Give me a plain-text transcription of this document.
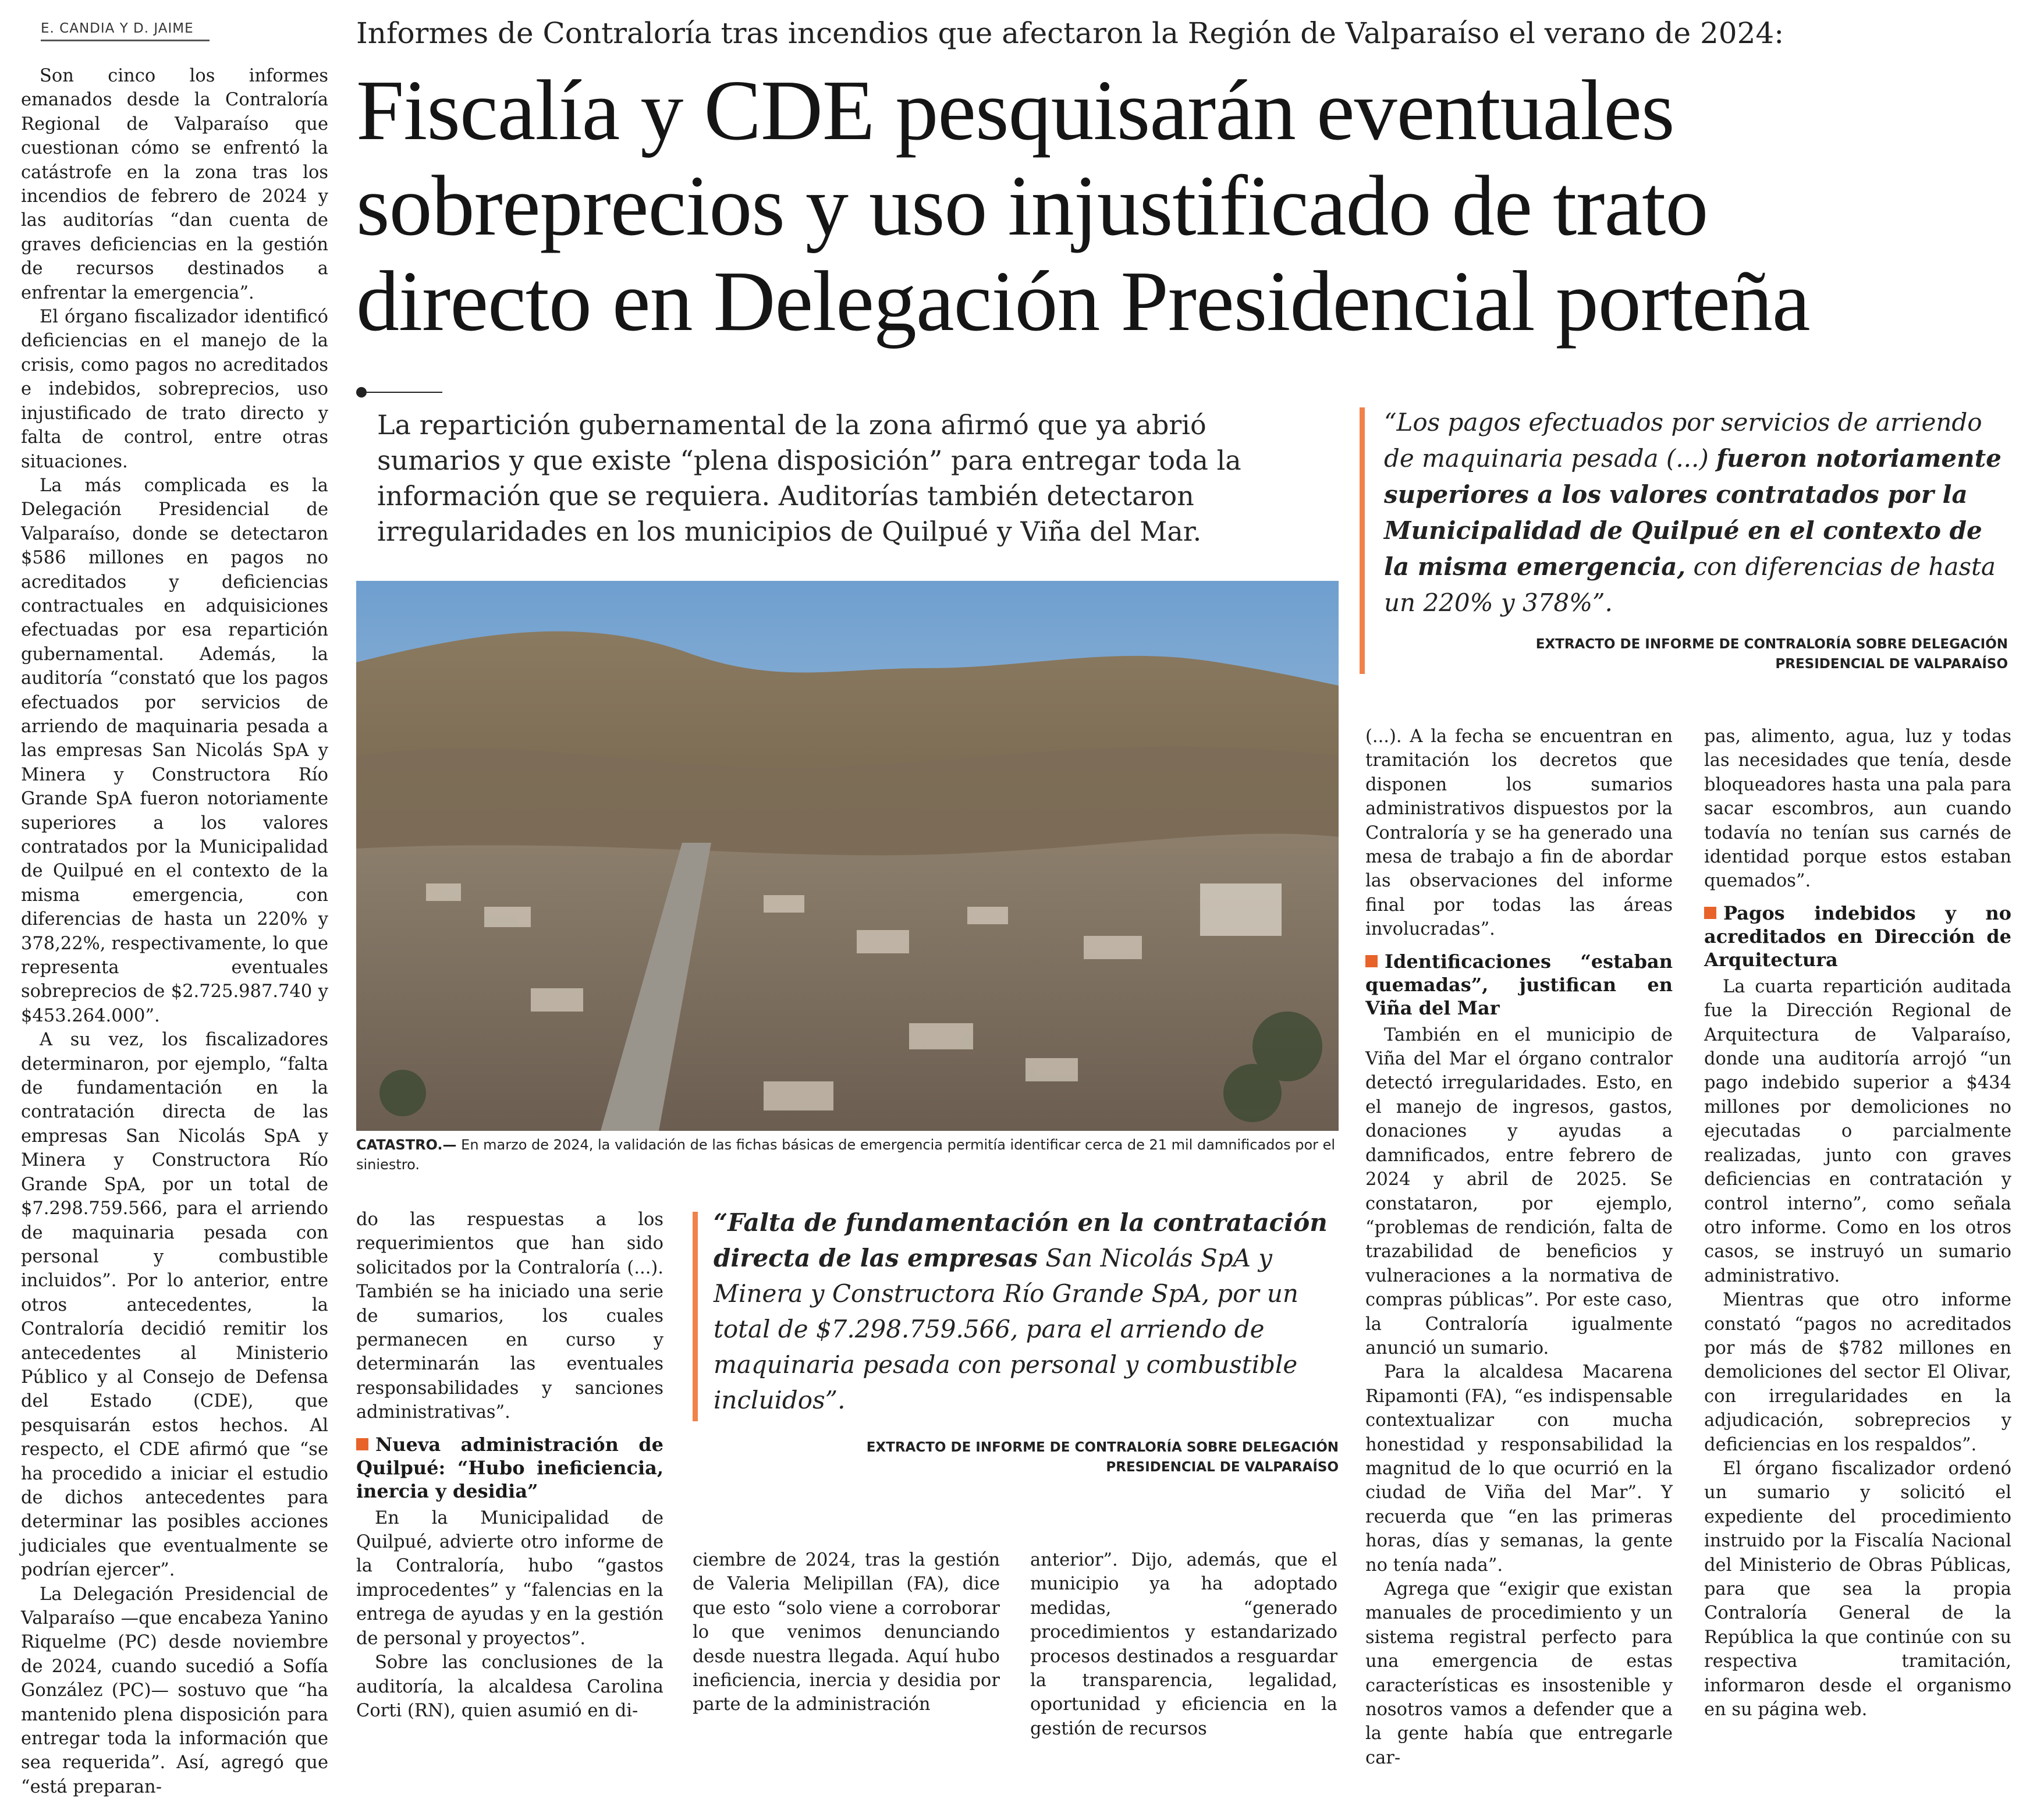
E. CANDIA Y D. JAIME	Informes de Contraloría tras incendios que afectaron la Región de Valparaíso el verano de 2024:
Fiscalía y CDE pesquisarán eventuales
sobreprecios y uso injustificado de trato
directo en Delegación Presidencial porteña
La repartición gubernamental de la zona afirmó que ya abrió sumarios y que existe “plena disposición” para entregar toda la información que se requiera. Auditorías también detectaron irregularidades en los municipios de Quilpué y Viña del Mar.
CATASTRO.— En marzo de 2024, la validación de las fichas básicas de emergencia permitía identificar cerca de 21 mil damnificados por el siniestro.
“Los pagos efectuados por servicios de arriendo de maquinaria pesada (...) fueron notoriamente superiores a los valores contratados por la Municipalidad de Quilpué en el contexto de la misma emergencia, con diferencias de hasta un 220% y 378%”.
EXTRACTO DE INFORME DE CONTRALORÍA SOBRE DELEGACIÓN PRESIDENCIAL DE VALPARAÍSO
“Falta de fundamentación en la contratación directa de las empresas San Nicolás SpA y Minera y Constructora Río Grande SpA, por un total de $7.298.759.566, para el arriendo de maquinaria pesada con personal y combustible incluidos”.
EXTRACTO DE INFORME DE CONTRALORÍA SOBRE DELEGACIÓN PRESIDENCIAL DE VALPARAÍSO

Son cinco los informes emanados desde la Contraloría Regional de Valparaíso que cuestionan cómo se enfrentó la catástrofe en la zona tras los incendios de febrero de 2024 y las auditorías “dan cuenta de graves deficiencias en la gestión de recursos destinados a enfrentar la emergencia”.

El órgano fiscalizador identificó deficiencias en el manejo de la crisis, como pagos no acreditados e indebidos, sobreprecios, uso injustificado de trato directo y falta de control, entre otras situaciones.

La más complicada es la Delegación Presidencial de Valparaíso, donde se detectaron $586 millones en pagos no acreditados y deficiencias contractuales en adquisiciones efectuadas por esa repartición gubernamental. Además, la auditoría “constató que los pagos efectuados por servicios de arriendo de maquinaria pesada a las empresas San Nicolás SpA y Minera y Constructora Río Grande SpA fueron notoriamente superiores a los valores contratados por la Municipalidad de Quilpué en el contexto de la misma emergencia, con diferencias de hasta un 220% y 378,22%, respectivamente, lo que representa eventuales sobreprecios de $2.725.987.740 y $453.264.000”.

A su vez, los fiscalizadores determinaron, por ejemplo, “falta de fundamentación en la contratación directa de las empresas San Nicolás SpA y Minera y Constructora Río Grande SpA, por un total de $7.298.759.566, para el arriendo de maquinaria pesada con personal y combustible incluidos”. Por lo anterior, entre otros antecedentes, la Contraloría decidió remitir los antecedentes al Ministerio Público y al Consejo de Defensa del Estado (CDE), que pesquisarán estos hechos. Al respecto, el CDE afirmó que “se ha procedido a iniciar el estudio de dichos antecedentes para determinar las posibles acciones judiciales que eventualmente se podrían ejercer”.

La Delegación Presidencial de Valparaíso —que encabeza Yanino Riquelme (PC) desde noviembre de 2024, cuando sucedió a Sofía González (PC)— sostuvo que “ha mantenido plena disposición para entregar toda la información que sea requerida”. Así, agregó que “está preparan-

do las respuestas a los requerimientos que han sido solicitados por la Contraloría (...). También se ha iniciado una serie de sumarios, los cuales permanecen en curso y determinarán las eventuales responsabilidades y sanciones administrativas”.

Nueva administración de Quilpué: “Hubo ineficiencia, inercia y desidia”

En la Municipalidad de Quilpué, advierte otro informe de la Contraloría, hubo “gastos improcedentes” y “falencias en la entrega de ayudas y en la gestión de personal y proyectos”.

Sobre las conclusiones de la auditoría, la alcaldesa Carolina Corti (RN), quien asumió en di-

ciembre de 2024, tras la gestión de Valeria Melipillan (FA), dice que esto “solo viene a corroborar lo que venimos denunciando desde nuestra llegada. Aquí hubo ineficiencia, inercia y desidia por parte de la administración

anterior”. Dijo, además, que el municipio ya ha adoptado medidas, “generado procedimientos y estandarizado procesos destinados a resguardar la transparencia, legalidad, oportunidad y eficiencia en la gestión de recursos

(...). A la fecha se encuentran en tramitación los decretos que disponen los sumarios administrativos dispuestos por la Contraloría y se ha generado una mesa de trabajo a fin de abordar las observaciones del informe final por todas las áreas involucradas”.

Identificaciones “estaban quemadas”, justifican en Viña del Mar

También en el municipio de Viña del Mar el órgano contralor detectó irregularidades. Esto, en el manejo de ingresos, gastos, donaciones y ayudas a damnificados, entre febrero de 2024 y abril de 2025. Se constataron, por ejemplo, “problemas de rendición, falta de trazabilidad de beneficios y vulneraciones a la normativa de compras públicas”. Por este caso, la Contraloría igualmente anunció un sumario.

Para la alcaldesa Macarena Ripamonti (FA), “es indispensable contextualizar con mucha honestidad y responsabilidad la magnitud de lo que ocurrió en la ciudad de Viña del Mar”. Y recuerda que “en las primeras horas, días y semanas, la gente no tenía nada”.

Agrega que “exigir que existan manuales de procedimiento y un sistema registral perfecto para una emergencia de estas características es insostenible y nosotros vamos a defender que a la gente había que entregarle car-

pas, alimento, agua, luz y todas las necesidades que tenía, desde bloqueadores hasta una pala para sacar escombros, aun cuando todavía no tenían sus carnés de identidad porque estos estaban quemados”.

Pagos indebidos y no acreditados en Dirección de Arquitectura

La cuarta repartición auditada fue la Dirección Regional de Arquitectura de Valparaíso, donde una auditoría arrojó “un pago indebido superior a $434 millones por demoliciones no ejecutadas o parcialmente realizadas, junto con graves deficiencias en contratación y control interno”, como señala otro informe. Como en los otros casos, se instruyó un sumario administrativo.

Mientras que otro informe constató “pagos no acreditados por más de $782 millones en demoliciones del sector El Olivar, con irregularidades en la adjudicación, sobreprecios y deficiencias en los respaldos”.

El órgano fiscalizador ordenó un sumario y solicitó el expediente del procedimiento instruido por la Fiscalía Nacional del Ministerio de Obras Públicas, para que sea la propia Contraloría General de la República la que continúe con su respectiva tramitación, informaron desde el organismo en su página web.
